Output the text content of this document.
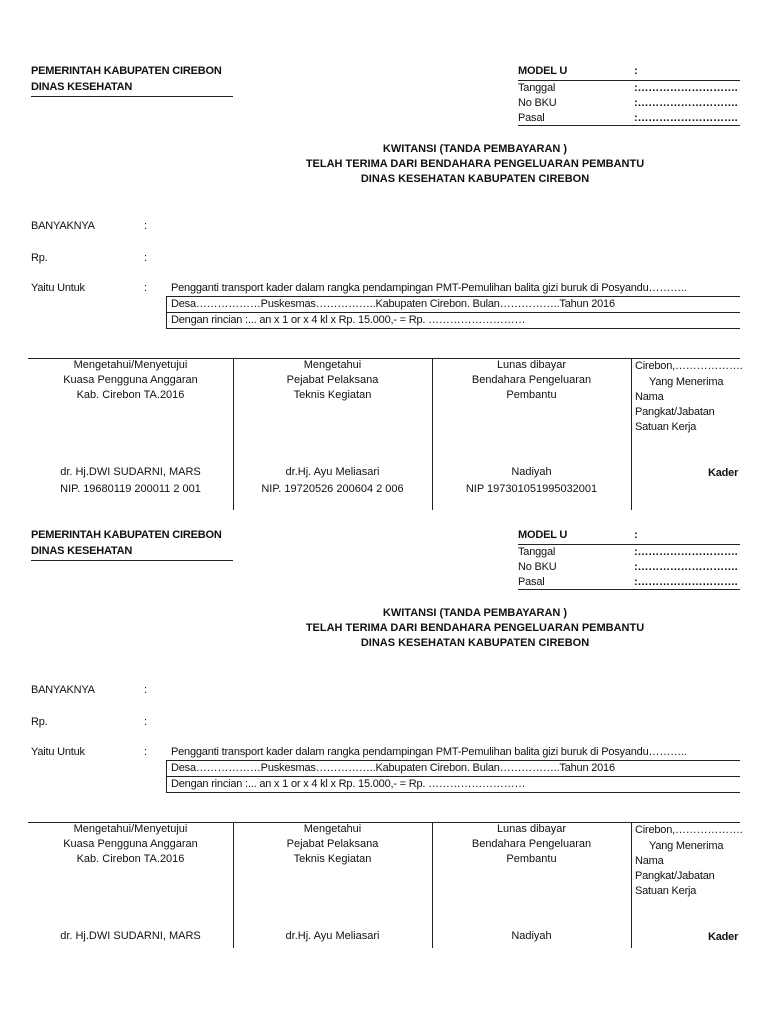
PEMERINTAH KABUPATEN CIREBON
DINAS KESEHATAN
MODEL U	:
Tanggal	:……………………….
No BKU	:……………………….
Pasal	:……………………….
KWITANSI (TANDA PEMBAYARAN )
TELAH TERIMA DARI BENDAHARA PENGELUARAN PEMBANTU
DINAS KESEHATAN KABUPATEN CIREBON
BANYAKNYA	:
Rp.	:
Yaitu Untuk	: Pengganti transport kader dalam rangka pendampingan PMT-Pemulihan balita gizi buruk di Posyandu………..
Desa………………Puskesmas……………..Kabupaten Cirebon. Bulan……………..Tahun 2016
Dengan rincian :... an x 1 or x 4 kl x Rp. 15.000,- = Rp. ………………………
Mengetahui/Menyetujui
Kuasa Pengguna Anggaran
Kab. Cirebon TA.2016
dr. Hj.DWI SUDARNI, MARS
NIP. 19680119 200011 2 001
Mengetahui
Pejabat Pelaksana
Teknis Kegiatan
dr.Hj. Ayu Meliasari
NIP. 19720526 200604 2 006
Lunas dibayar
Bendahara Pengeluaran
Pembantu
Nadiyah
NIP 197301051995032001
Cirebon,……………….
Yang Menerima
Nama
Pangkat/Jabatan
Satuan Kerja
Kader
PEMERINTAH KABUPATEN CIREBON
DINAS KESEHATAN
MODEL U	:
Tanggal	:……………………….
No BKU	:……………………….
Pasal	:……………………….
KWITANSI (TANDA PEMBAYARAN )
TELAH TERIMA DARI BENDAHARA PENGELUARAN PEMBANTU
DINAS KESEHATAN KABUPATEN CIREBON
BANYAKNYA	:
Rp.	:
Yaitu Untuk	: Pengganti transport kader dalam rangka pendampingan PMT-Pemulihan balita gizi buruk di Posyandu………..
Desa………………Puskesmas……………..Kabupaten Cirebon. Bulan……………..Tahun 2016
Dengan rincian :... an x 1 or x 4 kl x Rp. 15.000,- = Rp. ………………………
Mengetahui/Menyetujui
Kuasa Pengguna Anggaran
Kab. Cirebon TA.2016
dr. Hj.DWI SUDARNI, MARS
Mengetahui
Pejabat Pelaksana
Teknis Kegiatan
dr.Hj. Ayu Meliasari
Lunas dibayar
Bendahara Pengeluaran
Pembantu
Nadiyah
Cirebon,……………….
Yang Menerima
Nama
Pangkat/Jabatan
Satuan Kerja
Kader
